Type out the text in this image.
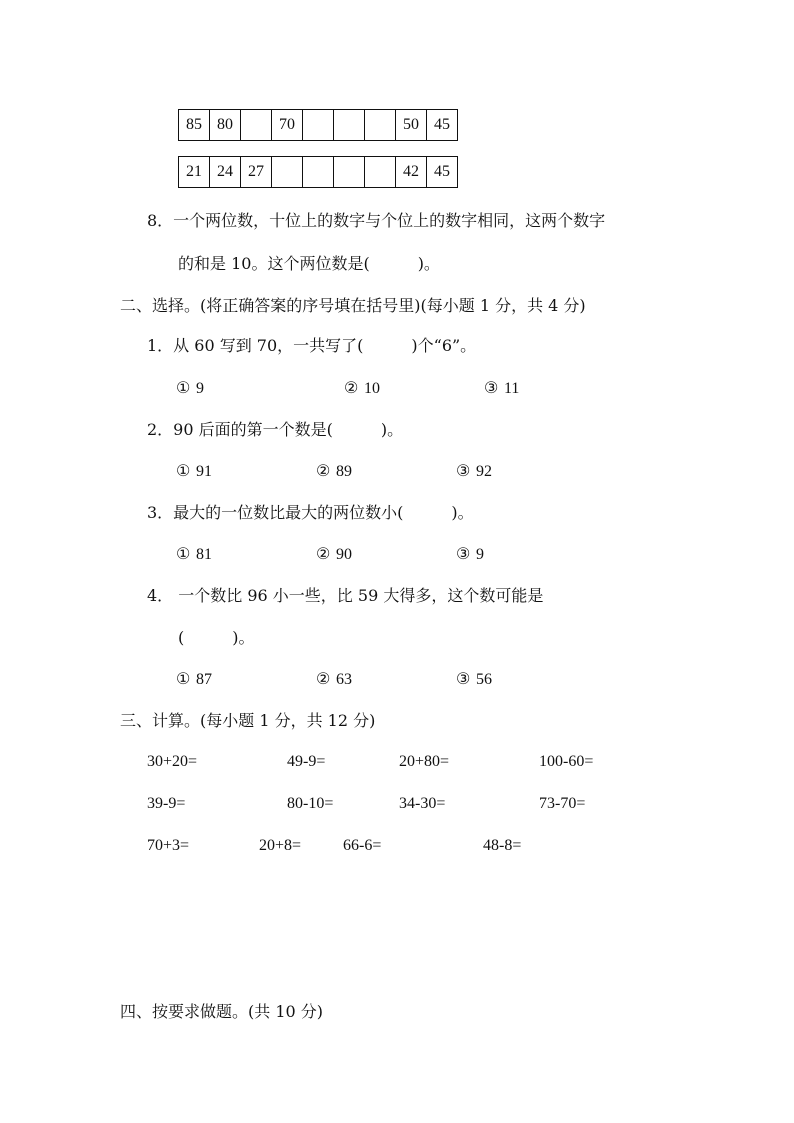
85	80		70				50	45
21	24	27					42	45
8．一个两位数，十位上的数字与个位上的数字相同，这两个数字
的和是 10。这个两位数是(　　　)。
二、选择。(将正确答案的序号填在括号里)(每小题 1 分，共 4 分)
1．从 60 写到 70，一共写了(　　　)个“6”。
① 9	② 10	③ 11
2．90 后面的第一个数是(　　　)。
① 91	② 89	③ 92
3．最大的一位数比最大的两位数小(　　　)。
① 81	② 90	③ 9
4． 一个数比 96 小一些，比 59 大得多，这个数可能是
(　　　)。
① 87	② 63	③ 56
三、计算。(每小题 1 分，共 12 分)
30+20=	49-9=	20+80=	100-60=
39-9=	80-10=	34-30=	73-70=
70+3=	20+8=	66-6=	48-8=
四、按要求做题。(共 10 分)
